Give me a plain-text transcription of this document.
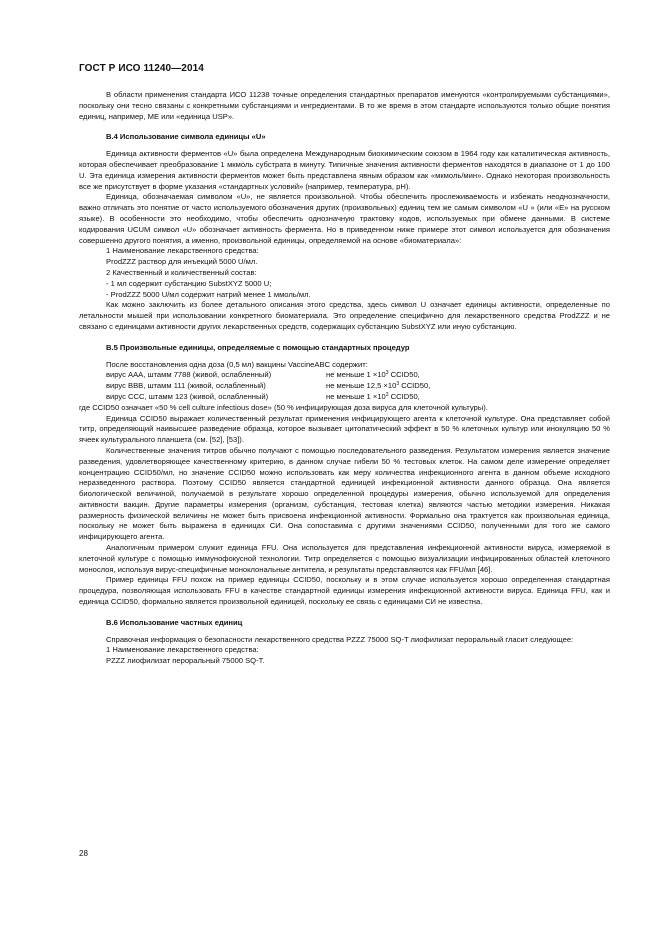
ГОСТ Р ИСО 11240—2014

В области применения стандарта ИСО 11238 точные определения стандартных препаратов именуются «контролируемыми субстанциями», поскольку они тесно связаны с конкретными субстанциями и ингредиентами. В то же время в этом стандарте используются только общие понятия единиц, например, МЕ или «единица USP».

В.4 Использование символа единицы «U»

Единица активности ферментов «U» была определена Международным биохимическим союзом в 1964 году как каталитическая активность, которая обеспечивает преобразование 1 мкмоль субстрата в минуту. Типичные значения активности ферментов находятся в диапазоне от 1 до 100 U. Эта единица измерения активности ферментов может быть представлена явным образом как «мкмоль/мин». Однако некоторая произвольность все же присутствует в форме указания «стандартных условий» (например, температура, pH).

Единица, обозначаемая символом «U», не является произвольной. Чтобы обеспечить прослеживаемость и избежать неоднозначности, важно отличать это понятие от часто используемого обозначения других (произвольных) единиц тем же самым символом «U » (или «Е» на русском языке). В особенности это необходимо, чтобы обеспечить однозначную трактовку кодов, используемых при обмене данными. В системе кодирования UCUM символ «U» обозначает активность фермента. Но в приведенном ниже примере этот символ используется для обозначения совершенно другого понятия, а именно, произвольной единицы, определяемой на основе «биоматериала»:

1 Наименование лекарственного средства:
ProdZZZ раствор для инъекций 5000 U/мл.
2 Качественный и количественный состав:
- 1 мл содержит субстанцию SubstXYZ 5000 U;
- ProdZZZ 5000 U/мл содержит натрий менее 1 ммоль/мл.

Как можно заключить из более детального описания этого средства, здесь символ U означает единицы активности, определенные по летальности мышей при использовании конкретного биоматериала. Это определение специфично для лекарственного средства ProdZZZ и не связано с единицами активности других лекарственных средств, содержащих субстанцию SubstXYZ или иную субстанцию.

В.5 Произвольные единицы, определяемые с помощью стандартных процедур
После восстановления одна доза (0,5 мл) вакцины VaccineABC содержит:
вирус AAA, штамм 7788 (живой, ослабленный)	не меньше $1 \times 10^3$ CCID50,
вирус BBB, штамм 111 (живой, ослабленный)	не меньше $12,5 \times 10^3$ CCID50,
вирус CCC, штамм 123 (живой, ослабленный)	не меньше $1 \times 10^3$ CCID50,
где CCID50 означает «50 % cell culture infectious dose» (50 % инфицирующая доза вируса для клеточной культуры).

Единица CCID50 выражает количественный результат применения инфицирующего агента к клеточной культуре. Она представляет собой титр, определяющий наивысшее разведение образца, которое вызывает цитопатический эффект в 50 % клеточных культур или инокуляцию 50 % ячеек культурального планшета (см. [52], [53]).

Количественные значения титров обычно получают с помощью последовательного разведения. Результатом измерения является значение разведения, удовлетворяющее качественному критерию, в данном случае гибели 50 % тестовых клеток. На самом деле измерение определяет концентрацию CCID50/мл, но значение CCID50 можно использовать как меру количества инфекционного агента в данном объеме исходного неразведенного раствора. Поэтому CCID50 является стандартной единицей инфекционной активности данного образца. Она является биологической величиной, получаемой в результате хорошо определенной процедуры измерения, обычно используемой для определения активности вакцин. Другие параметры измерения (организм, субстанция, тестовая клетка) являются частью методики измерения. Никакая размерность физической величины не может быть присвоена инфекционной активности. Формально она трактуется как произвольная единица, поскольку не может быть выражена в единицах СИ. Она сопоставима с другими значениями CCID50, полученными для того же самого инфицирующего агента.

Аналогичным примером служит единица FFU. Она используется для представления инфекционной активности вируса, измеряемой в клеточной культуре с помощью иммунофокусной технологии. Титр определяется с помощью визуализации инфицированных областей клеточного монослоя, используя вирус-специфичные моноклональные антитела, и результаты представляются как FFU/мл [46].

Пример единицы FFU похож на пример единицы CCID50, поскольку и в этом случае используется хорошо определенная стандартная процедура, позволяющая использовать FFU в качестве стандартной единицы измерения инфекционной активности вируса. Единица FFU, как и единица CCID50, формально является произвольной единицей, поскольку ее связь с единицами СИ не известна.

В.6 Использование частных единиц

Справочная информация о безопасности лекарственного средства PZZZ 75000 SQ-T лиофилизат пероральный гласит следующее:

1 Наименование лекарственного средства:
PZZZ лиофилизат пероральный 75000 SQ-T.
28
